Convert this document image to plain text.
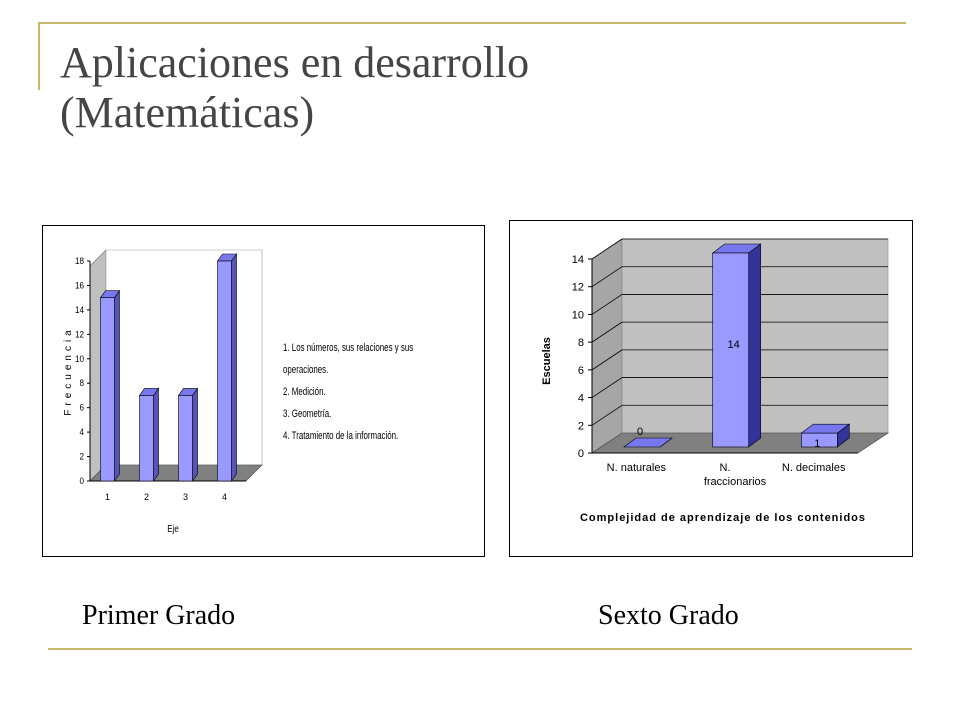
Aplicaciones en desarrollo
(Matemáticas)
0
2
4
6
8
10
12
14
16
18
1	2	3	4
Eje
Frecuencia	1. Los números, sus relaciones y sus
operaciones.
2. Medición.
3. Geometría.
4. Tratamiento de la información.
0
2
4
6
8
10
12
14
0
N. naturales
14
N.
fraccionarios
1
N. decimales
Complejidad de aprendizaje de los contenidos
Escuelas
Primer Grado	Sexto Grado
